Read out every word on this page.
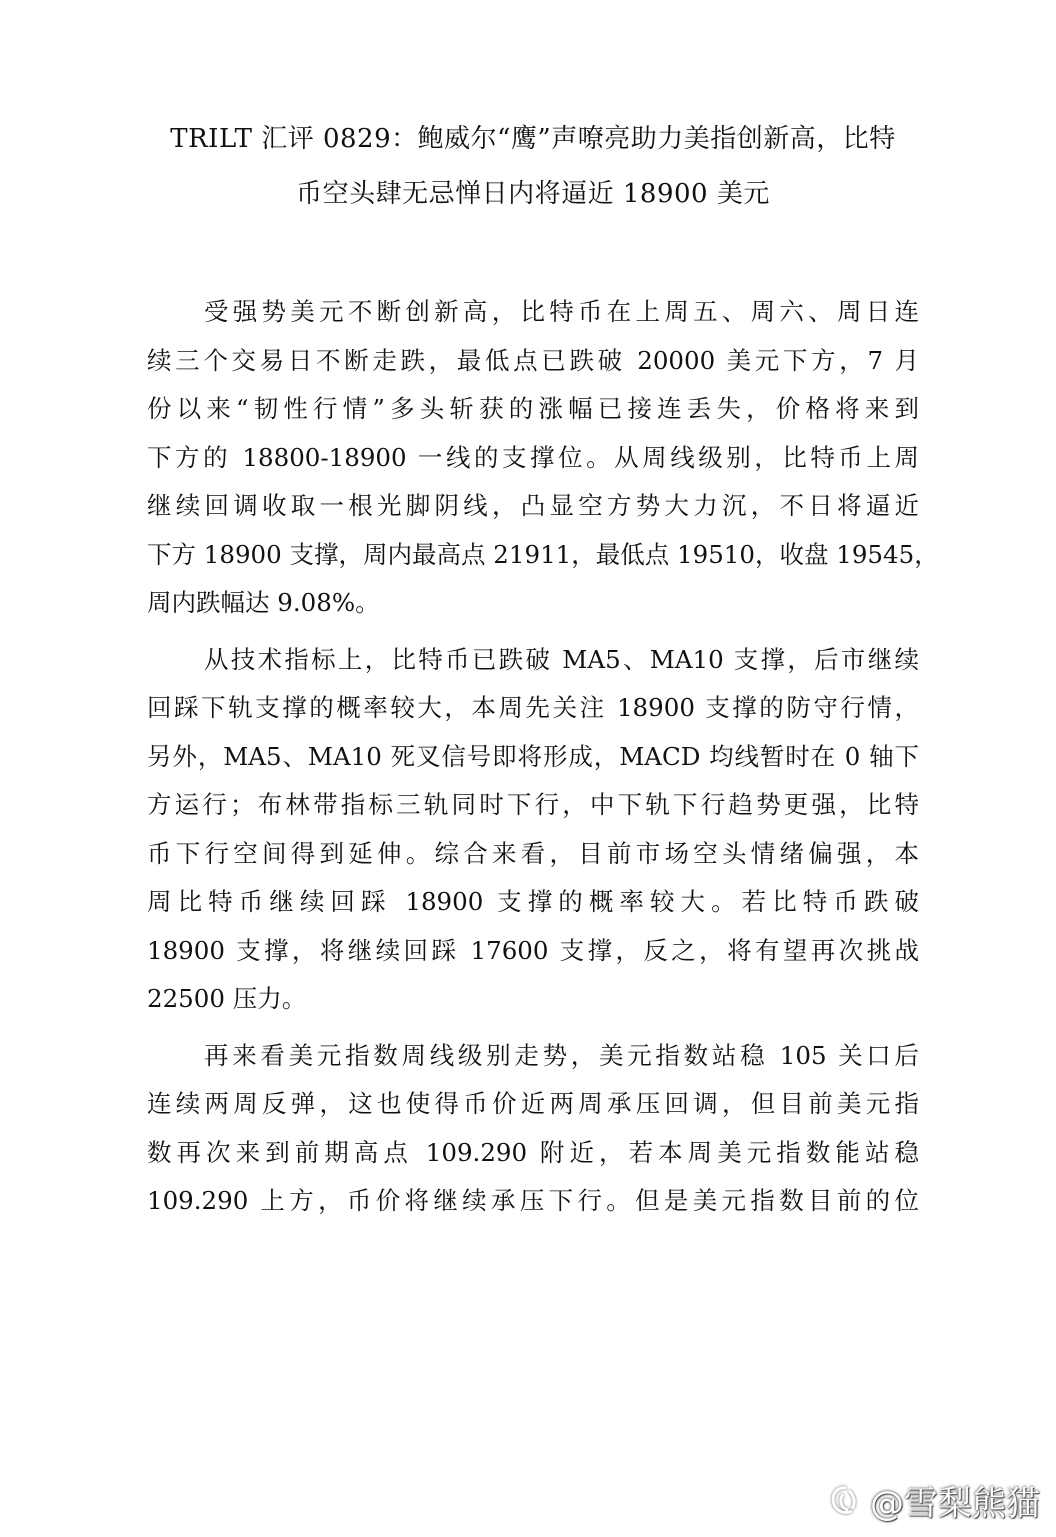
TRILT 汇评 0829：鲍威尔“鹰”声嘹亮助力美指创新高，比特
币空头肆无忌惮日内将逼近 18900 美元
受强势美元不断创新高，比特币在上周五、周六、周日连
续三个交易日不断走跌，最低点已跌破 20000 美元下方，7 月
份以来“韧性行情”多头斩获的涨幅已接连丢失，价格将来到
下方的 18800-18900 一线的支撑位。从周线级别，比特币上周
继续回调收取一根光脚阴线，凸显空方势大力沉，不日将逼近
下方 18900 支撑，周内最高点 21911，最低点 19510，收盘 19545，
周内跌幅达 9.08%。
从技术指标上，比特币已跌破 MA5、MA10 支撑，后市继续
回踩下轨支撑的概率较大，本周先关注 18900 支撑的防守行情，
另外，MA5、MA10 死叉信号即将形成，MACD 均线暂时在 0 轴下
方运行；布林带指标三轨同时下行，中下轨下行趋势更强，比特
币下行空间得到延伸。综合来看，目前市场空头情绪偏强，本
周比特币继续回踩 18900 支撑的概率较大。若比特币跌破
18900 支撑，将继续回踩 17600 支撑，反之，将有望再次挑战
22500 压力。
再来看美元指数周线级别走势，美元指数站稳 105 关口后
连续两周反弹，这也使得币价近两周承压回调，但目前美元指
数再次来到前期高点 109.290 附近，若本周美元指数能站稳
109.290 上方，币价将继续承压下行。但是美元指数目前的位
@雪梨熊猫
